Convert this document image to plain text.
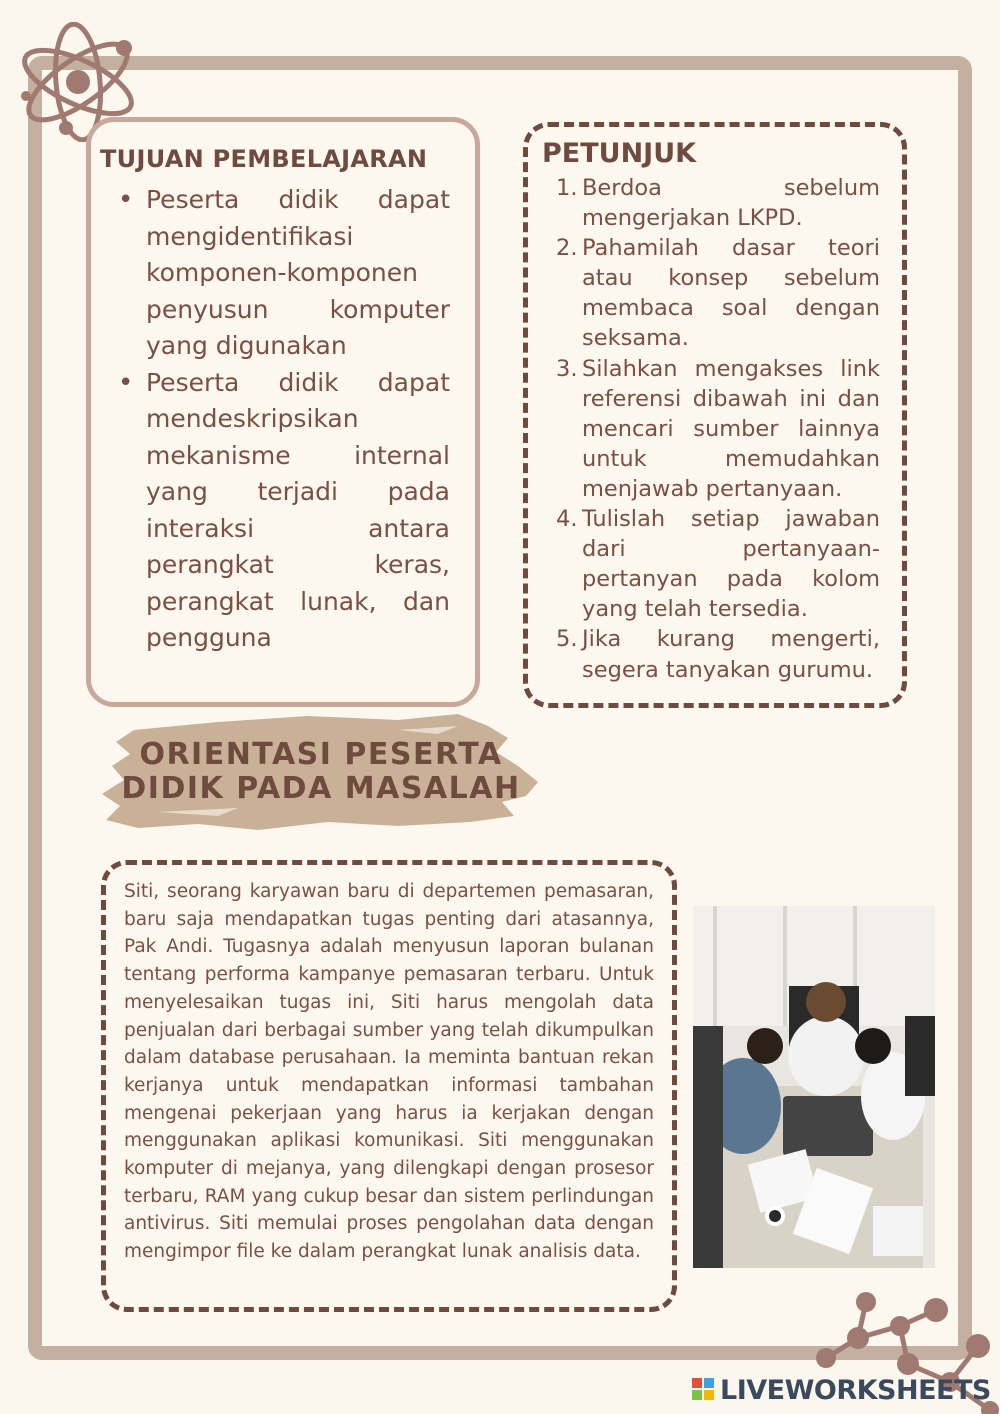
TUJUAN PEMBELAJARAN
• Peserta didik dapat mengidentifikasi komponen-komponen penyusun komputer yang digunakan
• Peserta didik dapat mendeskripsikan mekanisme internal yang terjadi pada interaksi antara perangkat keras, perangkat lunak, dan pengguna
PETUNJUK
1. Berdoa sebelum mengerjakan LKPD.
2. Pahamilah dasar teori atau konsep sebelum membaca soal dengan seksama.
3. Silahkan mengakses link referensi dibawah ini dan mencari sumber lainnya untuk memudahkan menjawab pertanyaan.
4. Tulislah setiap jawaban dari pertanyaan-pertanyan pada kolom yang telah tersedia.
5. Jika kurang mengerti, segera tanyakan gurumu.
ORIENTASI PESERTA
DIDIK PADA MASALAH

Siti, seorang karyawan baru di departemen pemasaran, baru saja mendapatkan tugas penting dari atasannya, Pak Andi. Tugasnya adalah menyusun laporan bulanan tentang performa kampanye pemasaran terbaru. Untuk menyelesaikan tugas ini, Siti harus mengolah data penjualan dari berbagai sumber yang telah dikumpulkan dalam database perusahaan. Ia meminta bantuan rekan kerjanya untuk mendapatkan informasi tambahan mengenai pekerjaan yang harus ia kerjakan dengan menggunakan aplikasi komunikasi. Siti menggunakan komputer di mejanya, yang dilengkapi dengan prosesor terbaru, RAM yang cukup besar dan sistem perlindungan antivirus. Siti memulai proses pengolahan data dengan mengimpor file ke dalam perangkat lunak analisis data.

LIVEWORKSHEETS
